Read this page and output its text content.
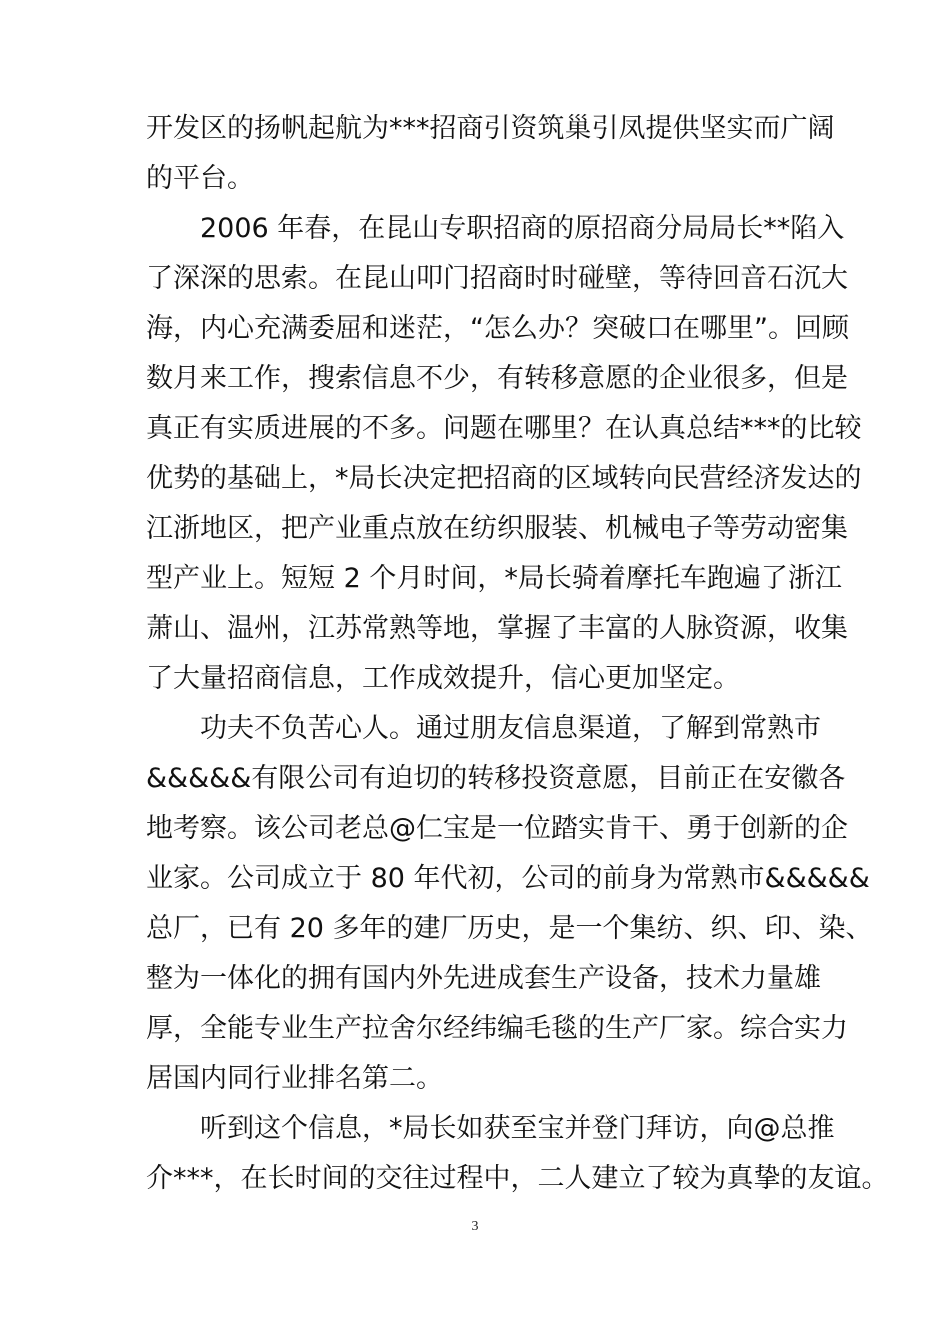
开发区的扬帆起航为***招商引资筑巢引凤提供坚实而广阔
的平台。
2006 年春，在昆山专职招商的原招商分局局长**陷入
了深深的思索。在昆山叩门招商时时碰壁，等待回音石沉大
海，内心充满委屈和迷茫，“怎么办？突破口在哪里”。回顾
数月来工作，搜索信息不少，有转移意愿的企业很多，但是
真正有实质进展的不多。问题在哪里？在认真总结***的比较
优势的基础上，*局长决定把招商的区域转向民营经济发达的
江浙地区，把产业重点放在纺织服装、机械电子等劳动密集
型产业上。短短 2 个月时间，*局长骑着摩托车跑遍了浙江
萧山、温州，江苏常熟等地，掌握了丰富的人脉资源，收集
了大量招商信息，工作成效提升，信心更加坚定。
功夫不负苦心人。通过朋友信息渠道，了解到常熟市
&&&&&有限公司有迫切的转移投资意愿，目前正在安徽各
地考察。该公司老总@仁宝是一位踏实肯干、勇于创新的企
业家。公司成立于 80 年代初，公司的前身为常熟市&&&&&
总厂，已有 20 多年的建厂历史，是一个集纺、织、印、染、
整为一体化的拥有国内外先进成套生产设备，技术力量雄
厚，全能专业生产拉舍尔经纬编毛毯的生产厂家。综合实力
居国内同行业排名第二。
听到这个信息，*局长如获至宝并登门拜访，向@总推
介***，在长时间的交往过程中，二人建立了较为真挚的友谊。
3
